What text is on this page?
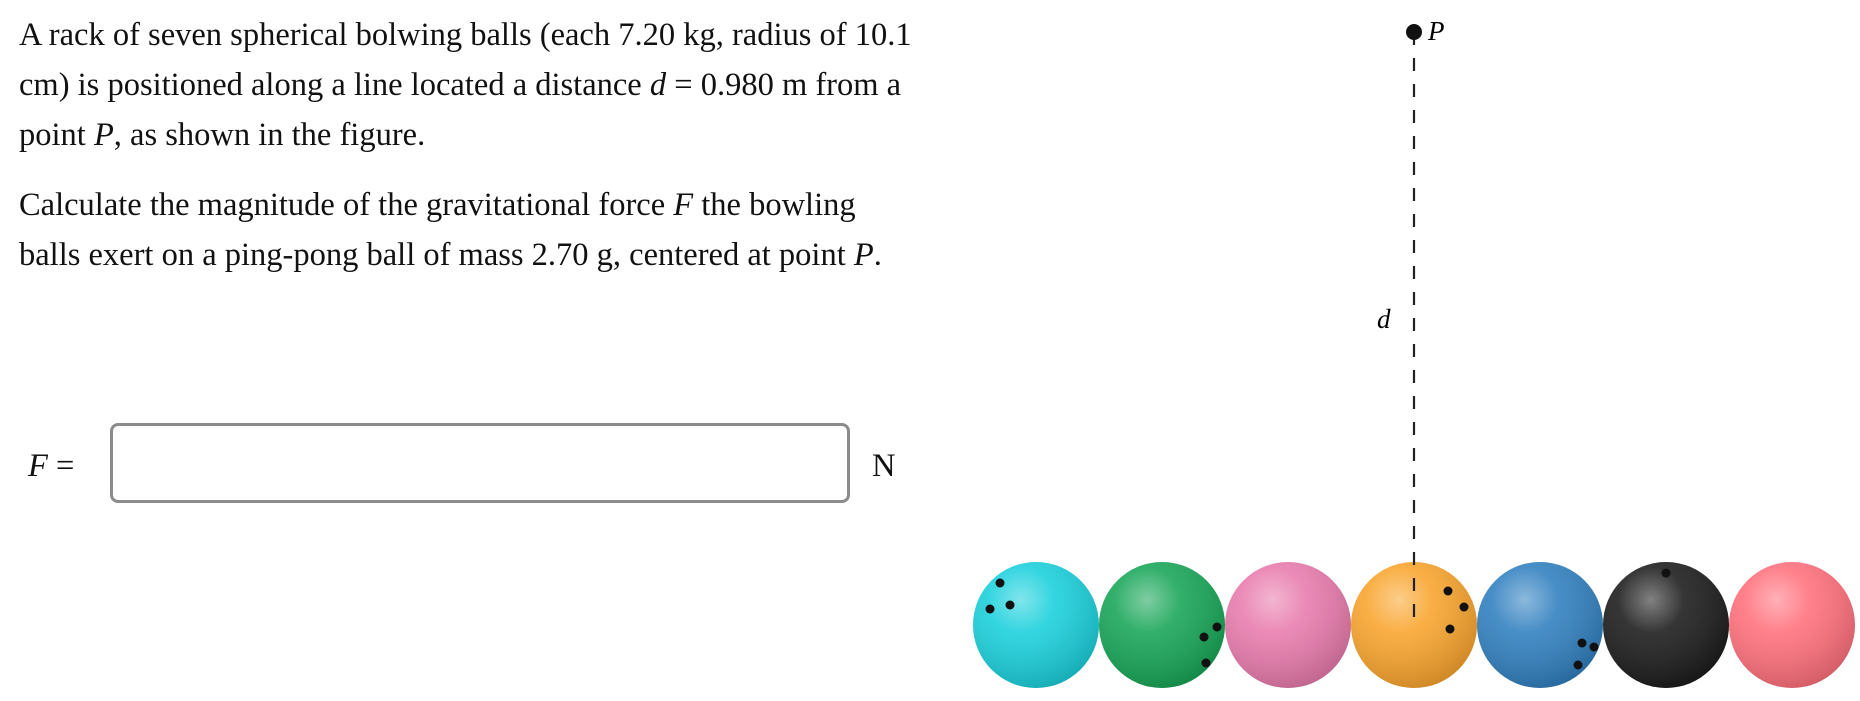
A rack of seven spherical bolwing balls (each 7.20 kg, radius of 10.1 cm) is positioned along a line located a distance d = 0.980 m from a point P, as shown in the figure.

Calculate the magnitude of the gravitational force F the bowling balls exert on a ping-pong ball of mass 2.70 g, centered at point P.

F =	N
P
d
